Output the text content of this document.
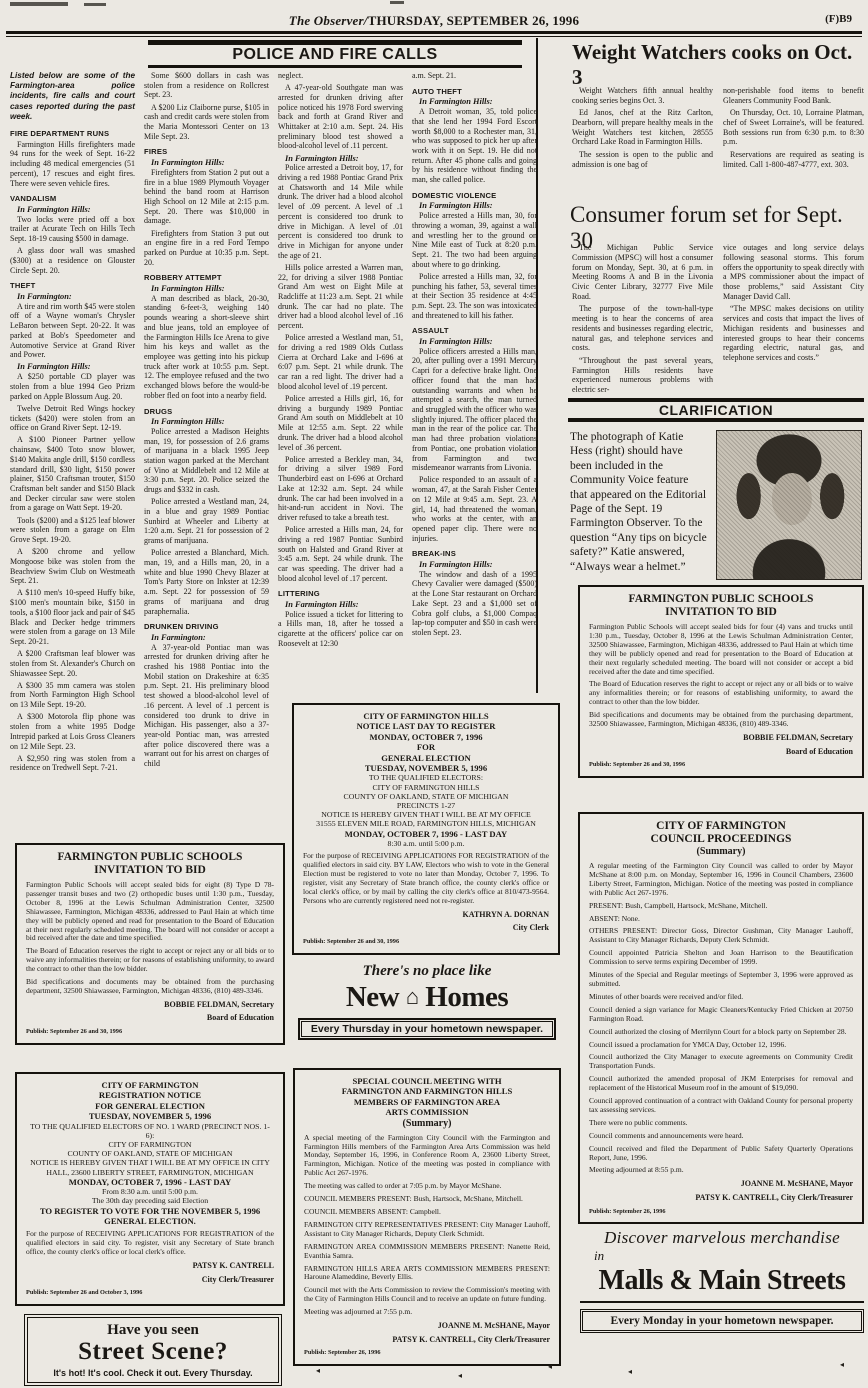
The Observer/THURSDAY, SEPTEMBER 26, 1996	(F)B9
POLICE AND FIRE CALLS
Listed below are some of the Farmington-area police incidents, fire calls and court cases reported during the past week.
FIRE DEPARTMENT RUNS
Farmington Hills firefighters made 94 runs for the week of Sept. 16-22 including 48 medical emergencies (51 percent), 17 rescues and eight fires. There were seven vehicle fires.
VANDALISM
In Farmington Hills:
Two locks were pried off a box trailer at Acurate Tech on Hills Tech Sept. 18-19 causing $500 in damage.
A glass door wall was smashed ($300) at a residence on Glouster Circle Sept. 20.
THEFT
In Farmington:
A tire and rim worth $45 were stolen off of a Wayne woman's Chrysler LeBaron between Sept. 20-22. It was parked at Bob's Speedometer and Automotive Service at Grand River and Power.
In Farmington Hills:
A $250 portable CD player was stolen from a blue 1994 Geo Prizm parked on Apple Blossum Aug. 20.
Twelve Detroit Red Wings hockey tickets ($420) were stolen from an office on Grand River Sept. 12-19.
A $100 Pioneer Partner yellow chainsaw, $400 Toto snow blower, $140 Makita angle drill, $150 cordless standard drill, $30 light, $150 power plainer, $150 Craftsman trouter, $150 Craftsman belt sander and $150 Black and Decker circular saw were stolen from a garage on Watt Sept. 19-20.
Tools ($200) and a $125 leaf blower were stolen from a garage on Elm Grove Sept. 19-20.
A $200 chrome and yellow Mongoose bike was stolen from the Beachview Swim Club on Westmeath Sept. 21.
A $110 men's 10-speed Huffy bike, $100 men's mountain bike, $150 in tools, a $100 floor jack and pair of $45 Black and Decker hedge trimmers were stolen from a garage on 13 Mile Sept. 20-21.
A $200 Craftsman leaf blower was stolen from St. Alexander's Church on Shiawassee Sept. 20.
A $300 35 mm camera was stolen from North Farmington High School on 13 Mile Sept. 19-20.
A $300 Motorola flip phone was stolen from a white 1995 Dodge Intrepid parked at Lois Gross Cleaners on 12 Mile Sept. 23.
A $2,950 ring was stolen from a residence on Tredwell Sept. 7-21.
Some $600 dollars in cash was stolen from a residence on Rollcrest Sept. 23.
A $200 Liz Claiborne purse, $105 in cash and credit cards were stolen from the Maria Montessori Center on 13 Mile Sept. 23.
FIRES
In Farmington Hills:
Firefighters from Station 2 put out a fire in a blue 1989 Plymouth Voyager behind the band room at Harrison High School on 12 Mile at 2:15 p.m. Sept. 20. There was $10,000 in damage.
Firefighters from Station 3 put out an engine fire in a red Ford Tempo parked on Purdue at 10:35 p.m. Sept. 20.
ROBBERY ATTEMPT
In Farmington Hills:
A man described as black, 20-30, standing 6-feet-3, weighing 140 pounds wearing a short-sleeve shirt and blue jeans, told an employee of the Farmington Hills Ice Arena to give him his keys and wallet as the employee was getting into his pickup truck after work at 10:55 p.m. Sept. 12. The employee refused and the two exchanged blows before the would-be robber fled on foot into a nearby field.
DRUGS
In Farmington Hills:
Police arrested a Madison Heights man, 19, for possession of 2.6 grams of marijuana in a black 1995 Jeep station wagon parked at the Merchant of Vino at Middlebelt and 12 Mile at 3:30 p.m. Sept. 20. Police seized the drugs and $332 in cash.
Police arrested a Westland man, 24, in a blue and gray 1989 Pontiac Sunbird at Wheeler and Liberty at 1:20 a.m. Sept. 21 for possession of 2 grams of marijuana.
Police arrested a Blanchard, Mich. man, 19, and a Hills man, 20, in a white and blue 1990 Chevy Blazer at Tom's Party Store on Inkster at 12:39 a.m. Sept. 22 for possession of 59 grams of marijuana and drug paraphernalia.
DRUNKEN DRIVING
In Farmington:
A 37-year-old Pontiac man was arrested for drunken driving after he crashed his 1988 Pontiac into the Mobil station on Drakeshire at 6:35 p.m. Sept. 21. His preliminary blood test showed a blood-alcohol level of .16 percent. A level of .1 percent is considered too drunk to drive in Michigan. His passenger, also a 37-year-old Pontiac man, was arrested after police discovered there was a warrant out for his arrest on charges of child
neglect.
A 47-year-old Southgate man was arrested for drunken driving after police noticed his 1978 Ford swerving back and forth at Grand River and Whittaker at 2:10 a.m. Sept. 24. His preliminary blood test showed a blood-alcohol level of .11 percent.
In Farmington Hills:
Police arrested a Detroit boy, 17, for driving a red 1988 Pontiac Grand Prix at Chatsworth and 14 Mile while drunk. The driver had a blood alcohol level of .09 percent. A level of .1 percent is considered too drunk to drive in Michigan. A level of .01 percent is considered too drunk to drive in Michigan for anyone under the age of 21.
Hills police arrested a Warren man, 22, for driving a silver 1988 Pontiac Grand Am west on Eight Mile at Radcliffe at 11:23 a.m. Sept. 21 while drunk. The car had no plate. The driver had a blood alcohol level of .16 percent.
Police arrested a Westland man, 51, for driving a red 1989 Olds Cutlass Cierra at Orchard Lake and I-696 at 6:07 p.m. Sept. 21 while drunk. The car ran a red light. The driver had a blood alcohol level of .19 percent.
Police arrested a Hills girl, 16, for driving a burgundy 1989 Pontiac Grand Am south on Middlebelt at 10 Mile at 12:55 a.m. Sept. 22 while drunk. The driver had a blood alcohol level of .36 percent.
Police arrested a Berkley man, 34, for driving a silver 1989 Ford Thunderbird east on I-696 at Orchard Lake at 12:32 a.m. Sept. 24 while drunk. The car had been involved in a hit-and-run accident in Novi. The driver refused to take a breath test.
Police arrested a Hills man, 24, for driving a red 1987 Pontiac Sunbird south on Halsted and Grand River at 3:45 a.m. Sept. 24 while drunk. The car was speeding. The driver had a blood alcohol level of .17 percent.
LITTERING
In Farmington Hills:
Police issued a ticket for littering to a Hills man, 18, after he tossed a cigarette at the officers' police car on Roosevelt at 12:30
a.m. Sept. 21.
AUTO THEFT
In Farmington Hills:
A Detroit woman, 35, told police that she lend her 1994 Ford Escort worth $8,000 to a Rochester man, 31, who was supposed to pick her up after work with it on Sept. 19. He did not return. After 45 phone calls and going by his residence without finding the man, she called police.
DOMESTIC VIOLENCE
In Farmington Hills:
Police arrested a Hills man, 30, for throwing a woman, 39, against a wall and wrestling her to the ground on Nine Mile east of Tuck at 8:20 p.m. Sept. 21. The two had been arguing about where to go drinking.
Police arrested a Hills man, 32, for punching his father, 53, several times at their Section 35 residence at 4:45 p.m. Sept. 23. The son was intoxicated and threatened to kill his father.
ASSAULT
In Farmington Hills:
Police officers arrested a Hills man, 20, after pulling over a 1991 Mercury Capri for a defective brake light. One officer found that the man had outstanding warrants and when he attempted a search, the man turned and struggled with the officer who was slightly injured. The officer placed the man in the rear of the police car. The man had three probation violations from Pontiac, one probation violation from Farmington and two misdemeanor warrants from Livonia.
Police responded to an assault of a woman, 47, at the Sarah Fisher Center on 12 Mile at 9:45 a.m. Sept. 23. A girl, 14, had threatened the woman, who works at the center, with an opened paper clip. There were no injuries.
BREAK-INS
In Farmington Hills:
The window and dash of a 1995 Chevy Cavalier were damaged ($500) at the Lone Star restaurant on Orchard Lake Sept. 23 and a $1,000 set of Cobra golf clubs, a $1,000 Compaq lap-top computer and $50 in cash were stolen Sept. 23.
Weight Watchers cooks on Oct. 3
Weight Watchers fifth annual healthy cooking series begins Oct. 3.
Ed Janos, chef at the Ritz Carlton, Dearborn, will prepare healthy meals in the Weight Watchers test kitchen, 28555 Orchard Lake Road in Farmington Hills.
The session is open to the public and admission is one bag of
non-perishable food items to benefit Gleaners Community Food Bank.
On Thursday, Oct. 10, Lorraine Platman, chef of Sweet Lorraine's, will be featured. Both sessions run from 6:30 p.m. to 8:30 p.m.
Reservations are required as seating is limited. Call 1-800-487-4777, ext. 303.
Consumer forum set for Sept. 30
The Michigan Public Service Commission (MPSC) will host a consumer forum on Monday, Sept. 30, at 6 p.m. in Meeting Rooms A and B in the Livonia Civic Center Library, 32777 Five Mile Road.
The purpose of the town-hall-type meeting is to hear the concerns of area residents and businesses regarding electric, natural gas, and telephone services and costs.
“Throughout the past several years, Farmington Hills residents have experienced numerous problems with electric ser-
vice outages and long service delays following seasonal storms. This forum offers the opportunity to speak directly with a MPS commissioner about the impact of those problems,” said Assistant City Manager David Call.
“The MPSC makes decisions on utility services and costs that impact the lives of Michigan residents and businesses and interested groups to hear their concerns regarding electric, natural gas, and telephone services and costs.”
CLARIFICATION
The photograph of Katie Hess (right) should have been included in the Community Voice feature that appeared on the Editorial Page of the Sept. 19 Farmington Observer. To the question “Any tips on bicycle safety?” Katie answered, “Always wear a helmet.”
FARMINGTON PUBLIC SCHOOLS
INVITATION TO BID
Farmington Public Schools will accept sealed bids for four (4) vans and trucks until 1:30 p.m., Tuesday, October 8, 1996 at the Lewis Schulman Administration Center, 32500 Shiawassee, Farmington, Michigan 48336, addressed to Paul Hain at which time they will be publicly opened and read for presentation to the Board of Education at their next regularly scheduled meeting. The board will not consider or accept a bid received after the date and time specified.
The Board of Education reserves the right to accept or reject any or all bids or to waive any informalities therein; or for reasons of establishing uniformity, to award the contract to other than the low bidder.
Bid specifications and documents may be obtained from the purchasing department, 32500 Shiawassee, Farmington, Michigan 48336, (810) 489-3346.
BOBBIE FELDMAN, Secretary
Board of Education
Publish: September 26 and 30, 1996
CITY OF FARMINGTON
COUNCIL PROCEEDINGS
(Summary)
A regular meeting of the Farmington City Council was called to order by Mayor McShane at 8:00 p.m. on Monday, September 16, 1996 in Council Chambers, 23600 Liberty Street, Farmington, Michigan. Notice of the meeting was posted in compliance with Public Act 267-1976.
PRESENT: Bush, Campbell, Hartsock, McShane, Mitchell.
ABSENT: None.
OTHERS PRESENT: Director Goss, Director Gushman, City Manager Lauhoff, Assistant to City Manager Richards, Deputy Clerk Schmidt.
Council appointed Patricia Shelton and Joan Harrison to the Beautification Commission to serve terms expiring December of 1999.
Minutes of the Special and Regular meetings of September 3, 1996 were approved as submitted.
Minutes of other boards were received and/or filed.
Council denied a sign variance for Magic Cleaners/Kentucky Fried Chicken at 20750 Farmington Road.
Council authorized the closing of Merrilynn Court for a block party on September 28.
Council issued a proclamation for YMCA Day, October 12, 1996.
Council authorized the City Manager to execute agreements on Community Credit Transportation Funds.
Council authorized the amended proposal of JKM Enterprises for removal and replacement of the Historical Museum roof in the amount of $19,090.
Council approved continuation of a contract with Oakland County for personal property tax assessing services.
There were no public comments.
Council comments and announcements were heard.
Council received and filed the Department of Public Safety Quarterly Operations Report, June, 1996.
Meeting adjourned at 8:55 p.m.
JOANNE M. McSHANE, Mayor
PATSY K. CANTRELL, City Clerk/Treasurer
Publish: September 26, 1996
CITY OF FARMINGTON HILLS
NOTICE LAST DAY TO REGISTER
MONDAY, OCTOBER 7, 1996
FOR
GENERAL ELECTION
TUESDAY, NOVEMBER 5, 1996
TO THE QUALIFIED ELECTORS:
CITY OF FARMINGTON HILLS
COUNTY OF OAKLAND, STATE OF MICHIGAN
PRECINCTS 1-27
NOTICE IS HEREBY GIVEN THAT I WILL BE AT MY OFFICE
31555 ELEVEN MILE ROAD, FARMINGTON HILLS, MICHIGAN
MONDAY, OCTOBER 7, 1996 - LAST DAY
8:30 a.m. until 5:00 p.m.
For the purpose of RECEIVING APPLICATIONS FOR REGISTRATION of the qualified electors in said city. BY LAW, Electors who wish to vote in the General Election must be registered to vote no later than Monday, October 7, 1996. To register, visit any Secretary of State branch office, the county clerk's office or local clerk's office, or by mail by calling the city clerk's office at 810/473-9564. Persons who are currently registered need not re-register.
KATHRYN A. DORNAN
City Clerk
Publish: September 26 and 30, 1996
SPECIAL COUNCIL MEETING WITH
FARMINGTON AND FARMINGTON HILLS
MEMBERS OF FARMINGTON AREA
ARTS COMMISSION
(Summary)
A special meeting of the Farmington City Council with the Farmington and Farmington Hills members of the Farmington Area Arts Commission was held Monday, September 16, 1996, in Conference Room A, 23600 Liberty Street, Farmington, Michigan. Notice of the meeting was posted in compliance with Public Act 267-1976.
The meeting was called to order at 7:05 p.m. by Mayor McShane.
COUNCIL MEMBERS PRESENT: Bush, Hartsock, McShane, Mitchell.
COUNCIL MEMBERS ABSENT: Campbell.
FARMINGTON CITY REPRESENTATIVES PRESENT: City Manager Lauhoff, Assistant to City Manager Richards, Deputy Clerk Schmidt.
FARMINGTON AREA COMMISSION MEMBERS PRESENT: Nanette Reid, Evanthia Samra.
FARMINGTON HILLS AREA ARTS COMMISSION MEMBERS PRESENT: Haroune Alameddine, Beverly Ellis.
Council met with the Arts Commission to review the Commission's meeting with the City of Farmington Hills Council and to receive an update on future funding.
Meeting was adjourned at 7:55 p.m.
JOANNE M. McSHANE, Mayor
PATSY K. CANTRELL, City Clerk/Treasurer
Publish: September 26, 1996
FARMINGTON PUBLIC SCHOOLS
INVITATION TO BID
Farmington Public Schools will accept sealed bids for eight (8) Type D 78-passenger transit buses and two (2) orthopedic buses until 1:30 p.m., Tuesday, October 8, 1996 at the Lewis Schulman Administration Center, 32500 Shiawassee, Farmington, Michigan 48336, addressed to Paul Hain at which time they will be publicly opened and read for presentation to the Board of Education at their next regularly scheduled meeting. The board will not consider or accept a bid received after the date and time specified.
The Board of Education reserves the right to accept or reject any or all bids or to waive any informalities therein; or for reasons of establishing uniformity, to award the contract to other than the low bidder.
Bid specifications and documents may be obtained from the purchasing department, 32500 Shiawassee, Farmington, Michigan 48336, (810) 489-3346.
BOBBIE FELDMAN, Secretary
Board of Education
Publish: September 26 and 30, 1996
CITY OF FARMINGTON
REGISTRATION NOTICE
FOR GENERAL ELECTION
TUESDAY, NOVEMBER 5, 1996
TO THE QUALIFIED ELECTORS OF NO. 1 WARD (PRECINCT NOS. 1-6):
CITY OF FARMINGTON
COUNTY OF OAKLAND, STATE OF MICHIGAN
NOTICE IS HEREBY GIVEN THAT I WILL BE AT MY OFFICE IN CITY HALL, 23600 LIBERTY STREET, FARMINGTON, MICHIGAN
MONDAY, OCTOBER 7, 1996 - LAST DAY
From 8:30 a.m. until 5:00 p.m.
The 30th day preceding said Election
TO REGISTER TO VOTE FOR THE NOVEMBER 5, 1996
GENERAL ELECTION.
For the purpose of RECEIVING APPLICATIONS FOR REGISTRATION of the qualified electors in said city. To register, visit any Secretary of State branch office, the county clerk's office or local clerk's office.
PATSY K. CANTRELL
City Clerk/Treasurer
Publish: September 26 and October 3, 1996
There's no place like
New ⌂ Homes
Every Thursday in your hometown newspaper.
Have you seen
Street Scene?
It's hot! It's cool. Check it out. Every Thursday.
Discover marvelous merchandise
in
Malls & Main Streets
Every Monday in your hometown newspaper.
◂
◂
◂
◂
◂
